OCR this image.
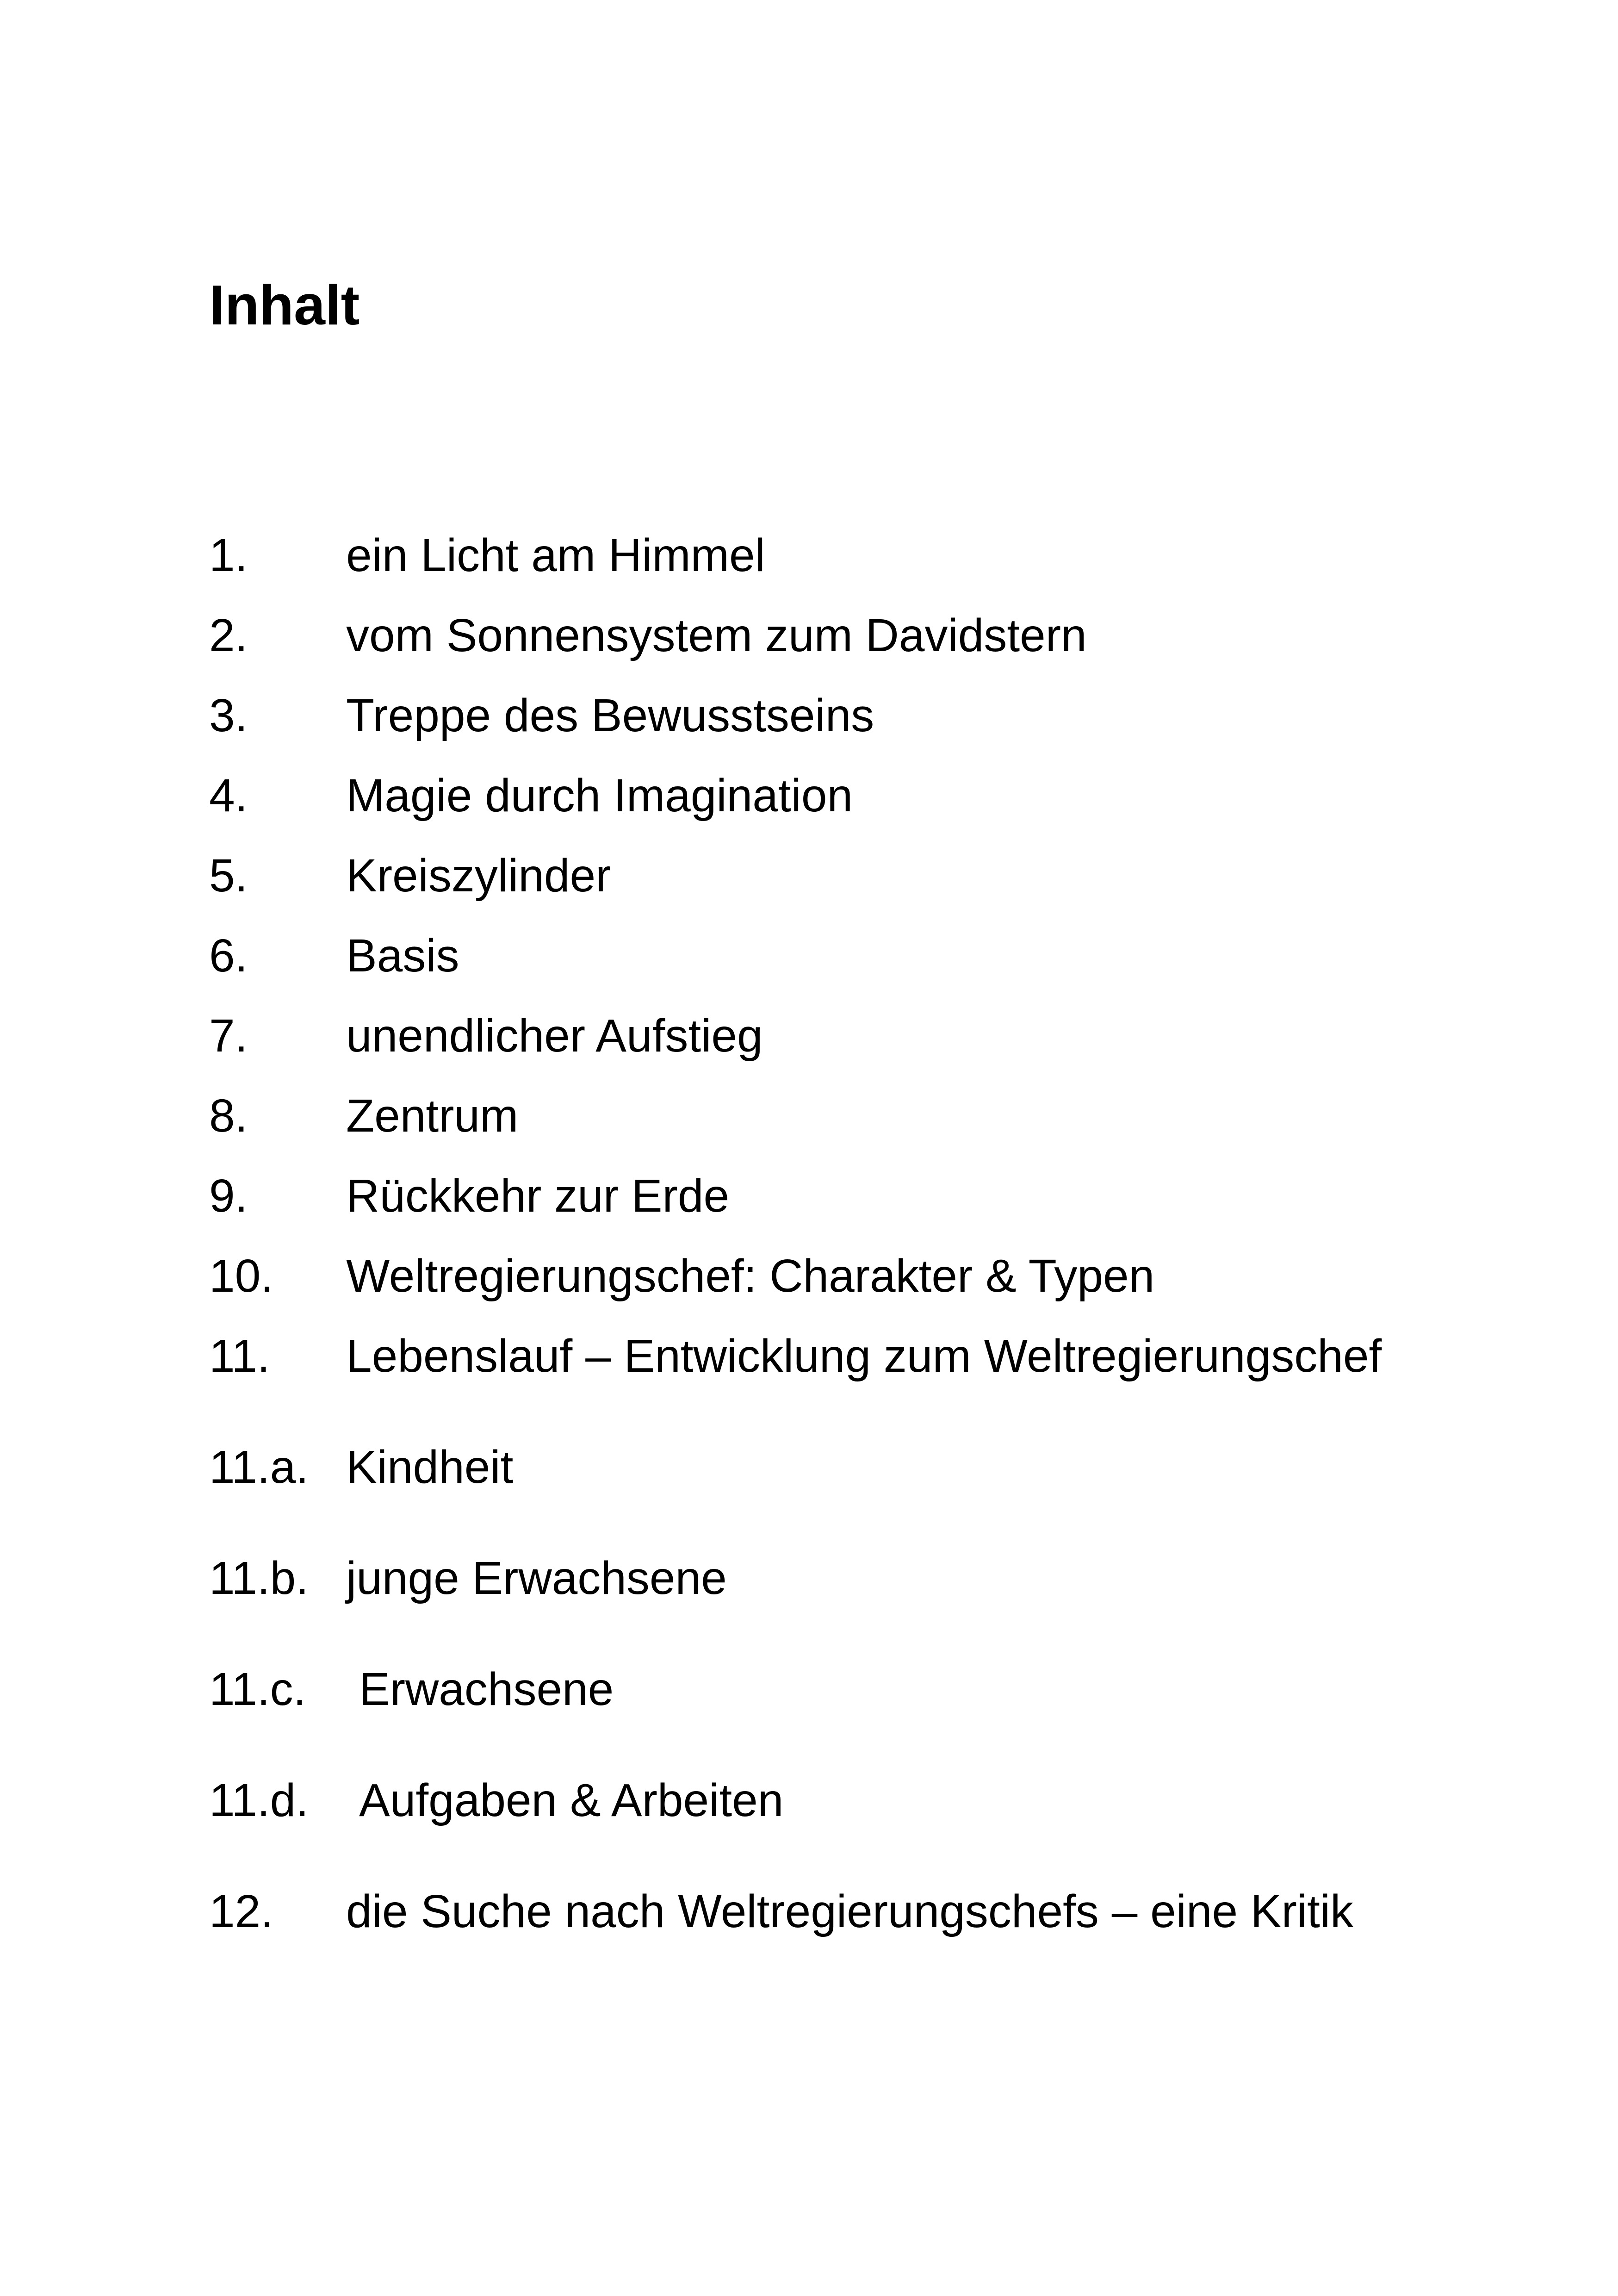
Inhalt
1. ein Licht am Himmel
2. vom Sonnensystem zum Davidstern
3. Treppe des Bewusstseins
4. Magie durch Imagination
5. Kreiszylinder
6. Basis
7. unendlicher Aufstieg
8. Zentrum
9. Rückkehr zur Erde
10. Weltregierungschef: Charakter & Typen
11. Lebenslauf – Entwicklung zum Weltregierungschef
11.a. Kindheit
11.b. junge Erwachsene
11.c. Erwachsene
11.d. Aufgaben & Arbeiten
12. die Suche nach Weltregierungschefs – eine Kritik
